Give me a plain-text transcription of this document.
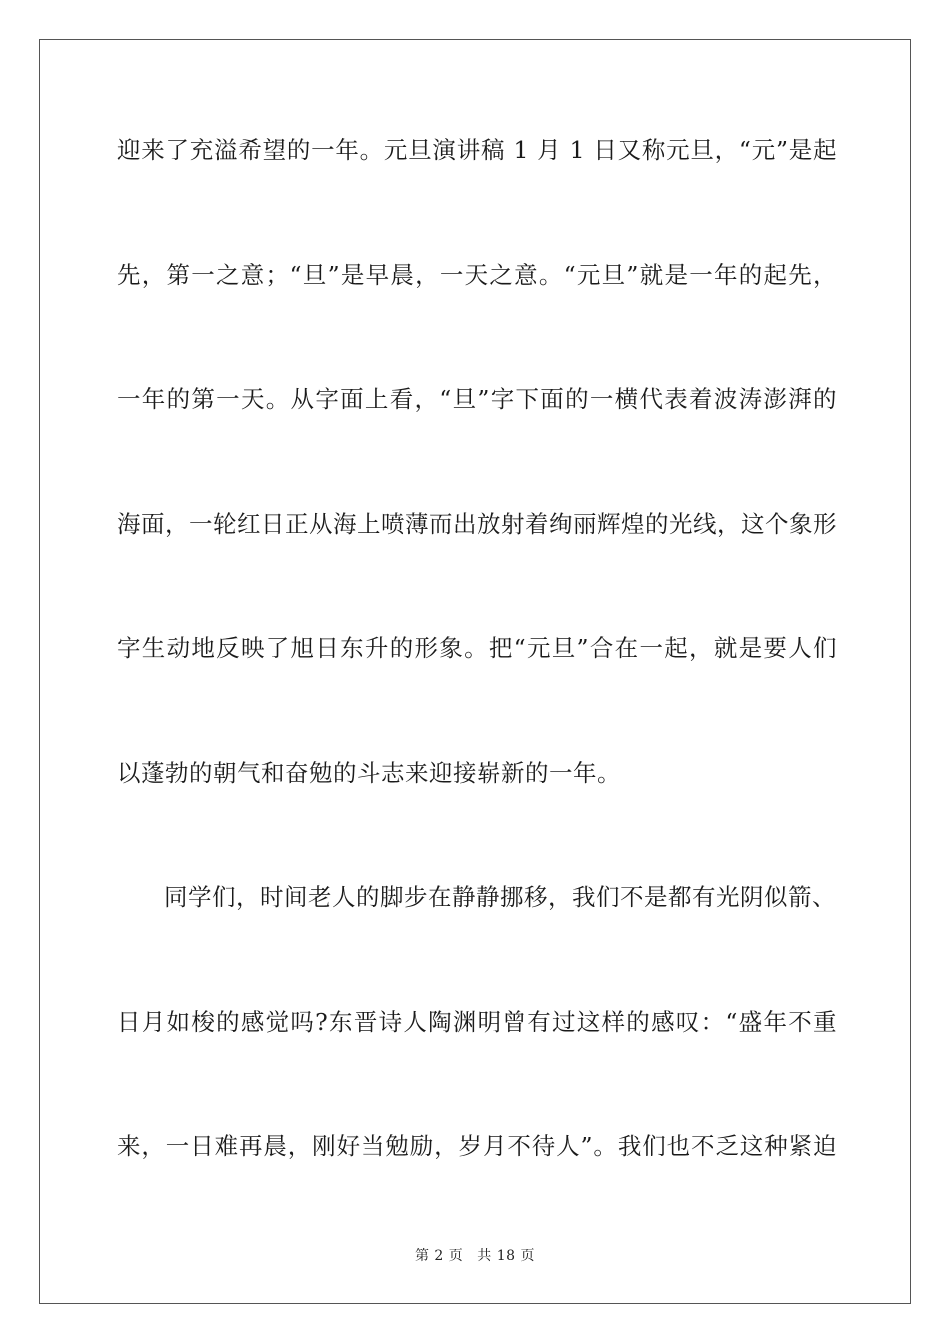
迎来了充溢希望的一年。元旦演讲稿 1 月 1 日又称元旦，“元”是起
先，第一之意；“旦”是早晨，一天之意。“元旦”就是一年的起先，
一年的第一天。从字面上看，“旦”字下面的一横代表着波涛澎湃的
海面，一轮红日正从海上喷薄而出放射着绚丽辉煌的光线，这个象形
字生动地反映了旭日东升的形象。把“元旦”合在一起，就是要人们
以蓬勃的朝气和奋勉的斗志来迎接崭新的一年。
同学们，时间老人的脚步在静静挪移，我们不是都有光阴似箭、
日月如梭的感觉吗?东晋诗人陶渊明曾有过这样的感叹：“盛年不重
来，一日难再晨，刚好当勉励，岁月不待人”。我们也不乏这种紧迫
第 2 页 共 18 页
